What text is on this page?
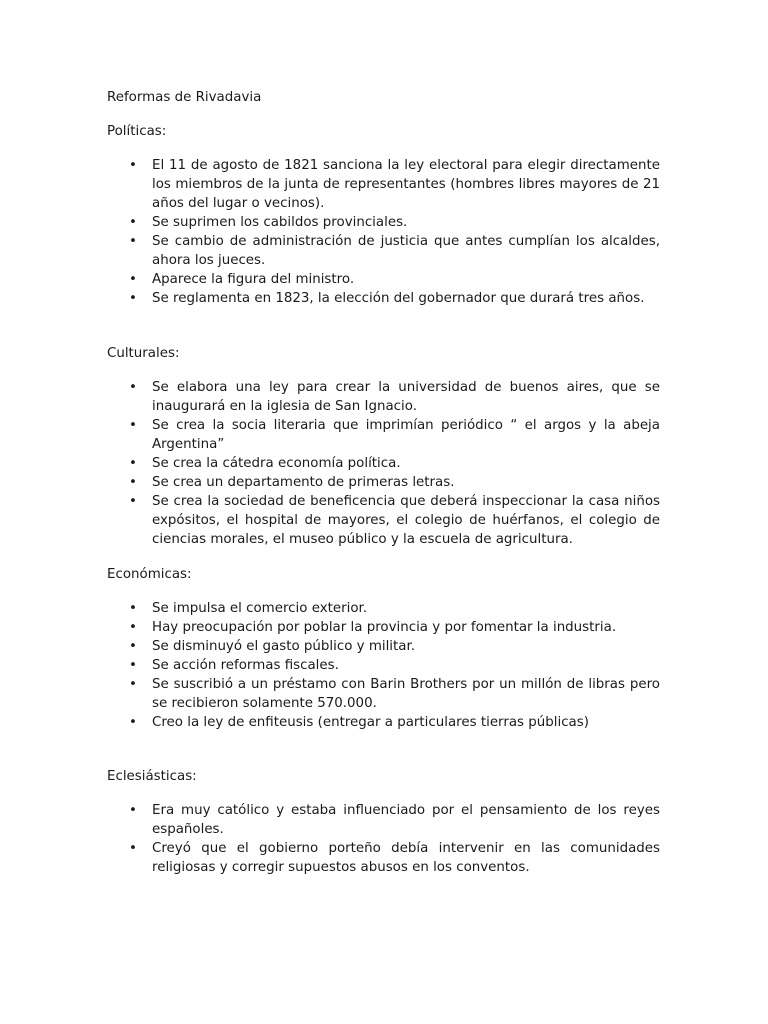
Reformas de Rivadavia

Políticas:

• El 11 de agosto de 1821 sanciona la ley electoral para elegir directamente los miembros de la junta de representantes (hombres libres mayores de 21 años del lugar o vecinos).
• Se suprimen los cabildos provinciales.
• Se cambio de administración de justicia que antes cumplían los alcaldes, ahora los jueces.
• Aparece la figura del ministro.
• Se reglamenta en 1823, la elección del gobernador que durará tres años.

Culturales:

• Se elabora una ley para crear la universidad de buenos aires, que se inaugurará en la iglesia de San Ignacio.
• Se crea la socia literaria que imprimían periódico “ el argos y la abeja Argentina”
• Se crea la cátedra economía política.
• Se crea un departamento de primeras letras.
• Se crea la sociedad de beneficencia que deberá inspeccionar la casa niños expósitos, el hospital de mayores, el colegio de huérfanos, el colegio de ciencias morales, el museo público y la escuela de agricultura.

Económicas:

• Se impulsa el comercio exterior.
• Hay preocupación por poblar la provincia y por fomentar la industria.
• Se disminuyó el gasto público y militar.
• Se acción reformas fiscales.
• Se suscribió a un préstamo con Barin Brothers por un millón de libras pero se recibieron solamente 570.000.
• Creo la ley de enfiteusis (entregar a particulares tierras públicas)

Eclesiásticas:

• Era muy católico y estaba influenciado por el pensamiento de los reyes españoles.
• Creyó que el gobierno porteño debía intervenir en las comunidades religiosas y corregir supuestos abusos en los conventos.
